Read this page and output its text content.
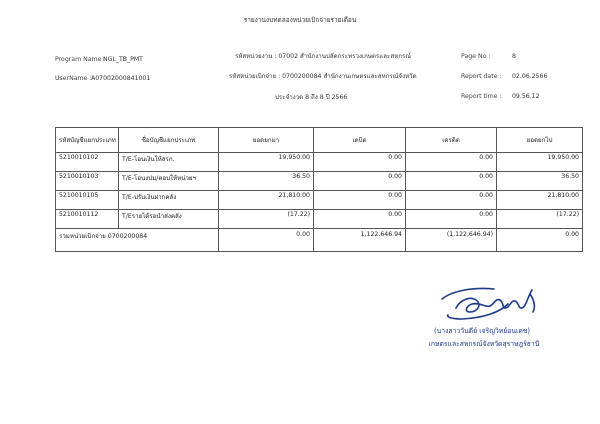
รายงานงบทดลองหน่วยเบิกจ่ายรายเดือน
Program Name :
NGL_TB_PMT
UserName : A07002000841001
รหัสหน่วยงาน : 07002 สำนักงานปลัดกระทรวงเกษตรและสหกรณ์
รหัสหน่วยเบิกจ่าย : 0700200084 สำนักงานเกษตรและสหกรณ์จังหวัด
ประจำงวด 8 ถึง 8 ปี 2566
Page No :	8
Report date : 02.06.2566
Report time : 09.56.12
รหัสบัญชีแยกประเภท	ชื่อบัญชีแยกประเภท	ยอดยกมา	เดบิต	เครดิต	ยอดยกไป
5210010102	T/E-โอนเงินให้สรก.	19,950.00	0.00	0.00	19,950.00
5210010103	T/E-โอนงปม/ตอบให้หน่วยฯ	36.50	0.00	0.00	36.50
5210010105	T/E-ปรับเงินฝากคลัง	21,810.00	0.00	0.00	21,810.00
5210010112	T/Eรายได้รอนำส่งคลัง	(17.22)	0.00	0.00	(17.22)
รวมหน่วยเบิกจ่าย 0700200084		0.00	1,122,646.94	(1,122,646.94)	0.00
(นางสาววันดีย์ เจริญวิทย์อนเดช)
เกษตรและสหกรณ์จังหวัดสุราษฎร์ธานี
